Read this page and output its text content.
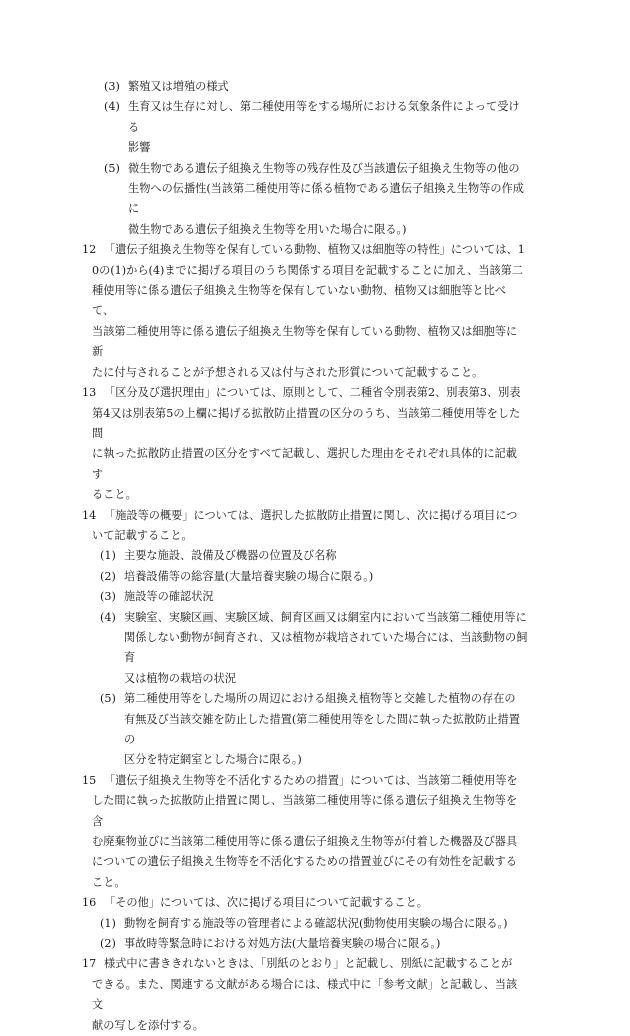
(3) 繁殖又は増殖の様式
(4) 生育又は生存に対し、第二種使用等をする場所における気象条件によって受ける
影響
(5) 微生物である遺伝子組換え生物等の残存性及び当該遺伝子組換え生物等の他の
生物への伝播性(当該第二種使用等に係る植物である遺伝子組換え生物等の作成に
微生物である遺伝子組換え生物等を用いた場合に限る。)
12 「遺伝子組換え生物等を保有している動物、植物又は細胞等の特性」については、1
0の(1)から(4)までに掲げる項目のうち関係する項目を記載することに加え、当該第二
種使用等に係る遺伝子組換え生物等を保有していない動物、植物又は細胞等と比べて、
当該第二種使用等に係る遺伝子組換え生物等を保有している動物、植物又は細胞等に新
たに付与されることが予想される又は付与された形質について記載すること。
13 「区分及び選択理由」については、原則として、二種省令別表第2、別表第3、別表
第4又は別表第5の上欄に掲げる拡散防止措置の区分のうち、当該第二種使用等をした間
に執った拡散防止措置の区分をすべて記載し、選択した理由をそれぞれ具体的に記載す
ること。
14 「施設等の概要」については、選択した拡散防止措置に関し、次に掲げる項目につ
いて記載すること。
(1) 主要な施設、設備及び機器の位置及び名称
(2) 培養設備等の総容量(大量培養実験の場合に限る。)
(3) 施設等の確認状況
(4) 実験室、実験区画、実験区域、飼育区画又は網室内において当該第二種使用等に
関係しない動物が飼育され、又は植物が栽培されていた場合には、当該動物の飼育
又は植物の栽培の状況
(5) 第二種使用等をした場所の周辺における組換え植物等と交雑した植物の存在の
有無及び当該交雑を防止した措置(第二種使用等をした間に執った拡散防止措置の
区分を特定網室とした場合に限る。)
15 「遺伝子組換え生物等を不活化するための措置」については、当該第二種使用等を
した間に執った拡散防止措置に関し、当該第二種使用等に係る遺伝子組換え生物等を含
む廃棄物並びに当該第二種使用等に係る遺伝子組換え生物等が付着した機器及び器具
についての遺伝子組換え生物等を不活化するための措置並びにその有効性を記載する
こと。
16 「その他」については、次に掲げる項目について記載すること。
(1) 動物を飼育する施設等の管理者による確認状況(動物使用実験の場合に限る。)
(2) 事故時等緊急時における対処方法(大量培養実験の場合に限る。)
17 様式中に書ききれないときは、「別紙のとおり」と記載し、別紙に記載することが
できる。また、関連する文献がある場合には、様式中に「参考文献」と記載し、当該文
献の写しを添付する。
